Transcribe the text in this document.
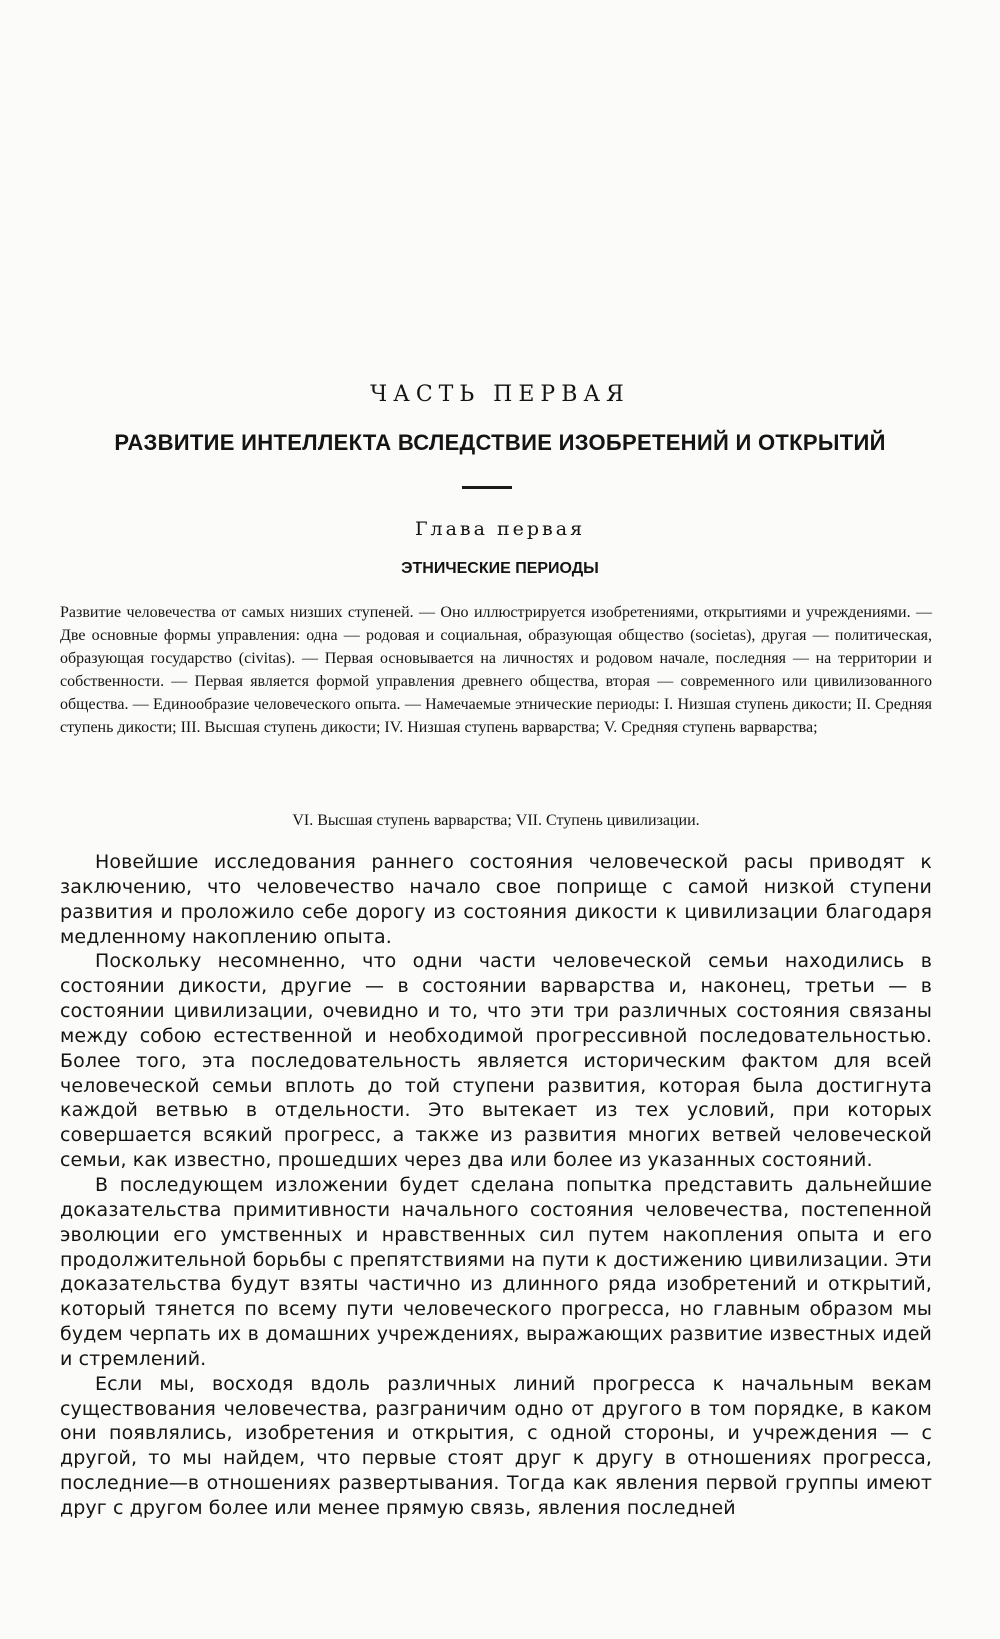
ЧАСТЬ ПЕРВАЯ
РАЗВИТИЕ ИНТЕЛЛЕКТА ВСЛЕДСТВИЕ ИЗОБРЕТЕНИЙ И ОТКРЫТИЙ
Глава первая
ЭТНИЧЕСКИЕ ПЕРИОДЫ
Развитие человечества от самых низших ступеней. — Оно иллюстрируется изобретениями, открытиями и учреждениями. — Две основные формы управления: одна — родовая и социальная, образующая общество (societas), другая — политическая, образующая государство (civitas). — Первая основывается на личностях и родовом начале, последняя — на территории и собственности. — Первая является формой управления древнего общества, вторая — современного или цивилизованного общества. — Единообразие человеческого опыта. — Намечаемые этнические периоды: I. Низшая ступень дикости; II. Средняя ступень дикости; III. Высшая ступень дикости; IV. Низшая ступень варварства; V. Средняя ступень варварства;
VI. Высшая ступень варварства; VII. Ступень цивилизации.

Новейшие исследования раннего состояния человеческой расы приводят к заключению, что человечество начало свое поприще с самой низкой ступени развития и проложило себе дорогу из состояния дикости к цивилизации благодаря медленному накоплению опыта.

Поскольку несомненно, что одни части человеческой семьи находились в состоянии дикости, другие — в состоянии варварства и, наконец, третьи — в состоянии цивилизации, очевидно и то, что эти три различных состояния связаны между собою естественной и необходимой прогрессивной последовательностью. Более того, эта последовательность является историческим фактом для всей человеческой семьи вплоть до той ступени развития, которая была достигнута каждой ветвью в отдельности. Это вытекает из тех условий, при которых совершается всякий прогресс, а также из развития многих ветвей человеческой семьи, как известно, прошедших через два или более из указанных состояний.

В последующем изложении будет сделана попытка представить дальнейшие доказательства примитивности начального состояния человечества, постепенной эволюции его умственных и нравственных сил путем накопления опыта и его продолжительной борьбы с препятствиями на пути к достижению цивилизации. Эти доказательства будут взяты частично из длинного ряда изобретений и открытий, который тянется по всему пути человеческого прогресса, но главным образом мы будем черпать их в домашних учреждениях, выражающих развитие известных идей и стремлений.

Если мы, восходя вдоль различных линий прогресса к начальным векам существования человечества, разграничим одно от другого в том порядке, в каком они появлялись, изобретения и открытия, с одной стороны, и учреждения — с другой, то мы найдем, что первые стоят друг к другу в отношениях прогресса, последние—в отношениях развертывания. Тогда как явления первой группы имеют друг с другом более или менее прямую связь, явления последней
